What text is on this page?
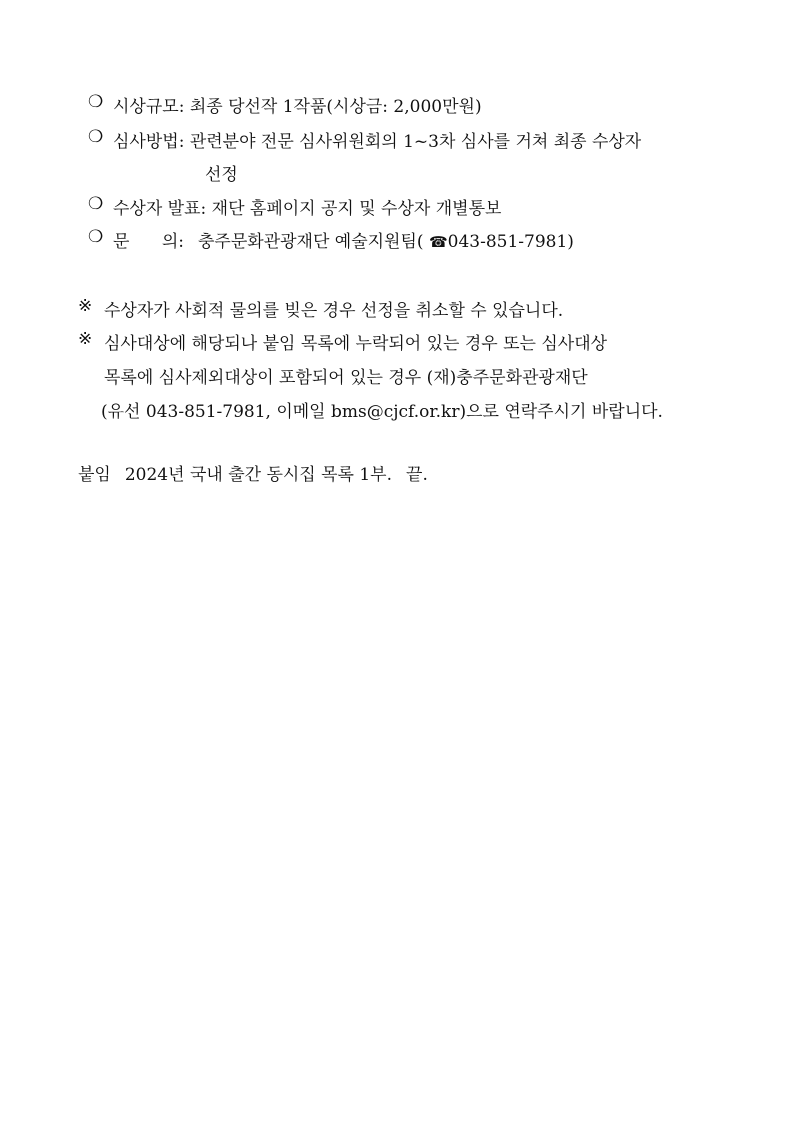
❍ 시상규모: 최종 당선작 1작품(시상금: 2,000만원)
❍ 심사방법: 관련분야 전문 심사위원회의 1~3차 심사를 거쳐 최종 수상자
선정
❍ 수상자 발표: 재단 홈페이지 공지 및 수상자 개별통보
❍ 문      의: 충주문화관광재단 예술지원팀( ☎043-851-7981)
※ 수상자가 사회적 물의를 빚은 경우 선정을 취소할 수 있습니다.
※ 심사대상에 해당되나 붙임 목록에 누락되어 있는 경우 또는 심사대상
목록에 심사제외대상이 포함되어 있는 경우 (재)충주문화관광재단
(유선 043-851-7981, 이메일 bms@cjcf.or.kr)으로 연락주시기 바랍니다.
붙임 2024년 국내 출간 동시집 목록 1부. 끝.
